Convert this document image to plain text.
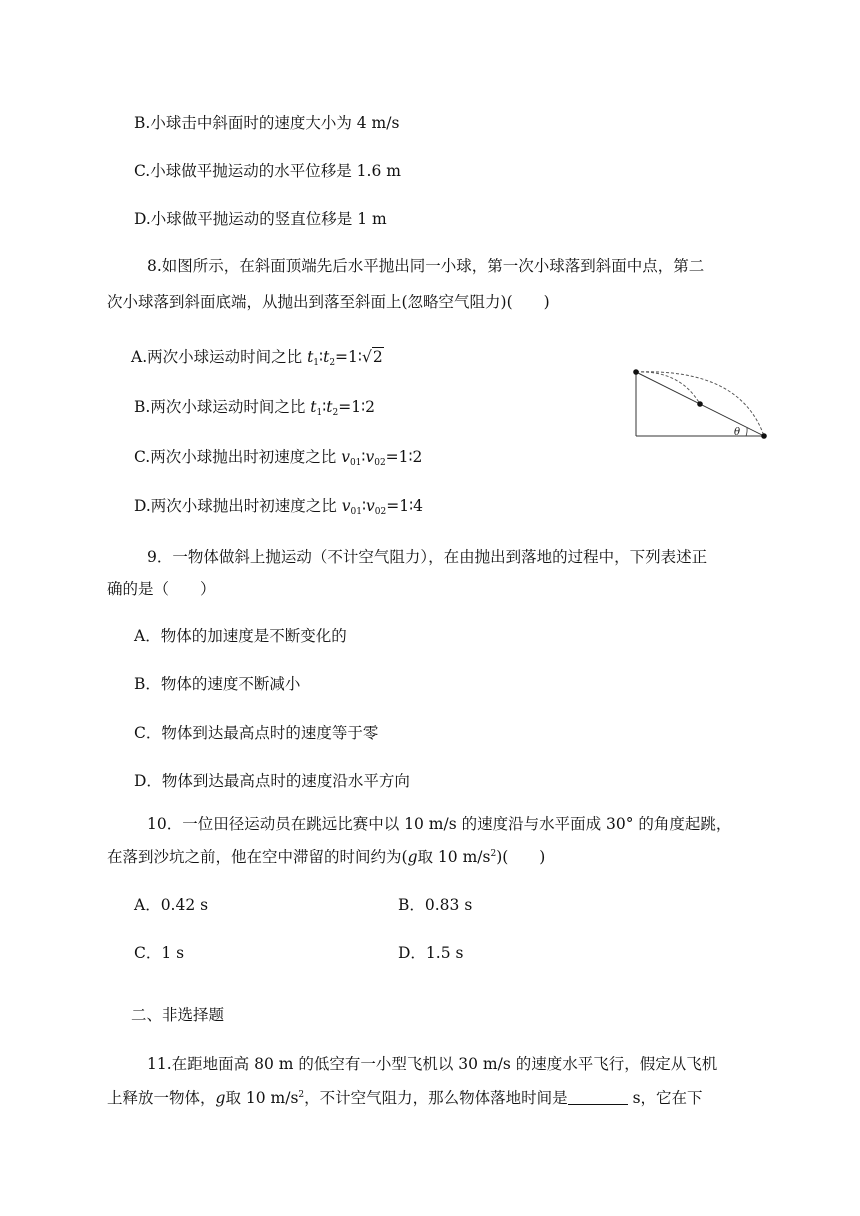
B.小球击中斜面时的速度大小为 4 m/s
C.小球做平抛运动的水平位移是 1.6 m
D.小球做平抛运动的竖直位移是 1 m
8.如图所示，在斜面顶端先后水平抛出同一小球，第一次小球落到斜面中点，第二
次小球落到斜面底端，从抛出到落至斜面上(忽略空气阻力)(　　)
A.两次小球运动时间之比 $t_1∶t_2=1∶√2$
B.两次小球运动时间之比 $t_1∶t_2=1∶2$
C.两次小球抛出时初速度之比 $v_{01}∶v_{02}=1∶2$
D.两次小球抛出时初速度之比 $v_{01}∶v_{02}=1∶4$
θ
9．一物体做斜上抛运动（不计空气阻力），在由抛出到落地的过程中，下列表述正
确的是（　　）
A．物体的加速度是不断变化的
B．物体的速度不断减小
C．物体到达最高点时的速度等于零
D．物体到达最高点时的速度沿水平方向
10．一位田径运动员在跳远比赛中以 10 m/s 的速度沿与水平面成 30° 的角度起跳，
在落到沙坑之前，他在空中滞留的时间约为(g取 10 $m/s^2$)(　　)
A．0.42 s	B．0.83 s
C．1 s	D．1.5 s
二、非选择题
11.在距地面高 80 m 的低空有一小型飞机以 30 m/s 的速度水平飞行，假定从飞机
上释放一物体，g取 10 $m/s^2$，不计空气阻力，那么物体落地时间是	s，它在下
